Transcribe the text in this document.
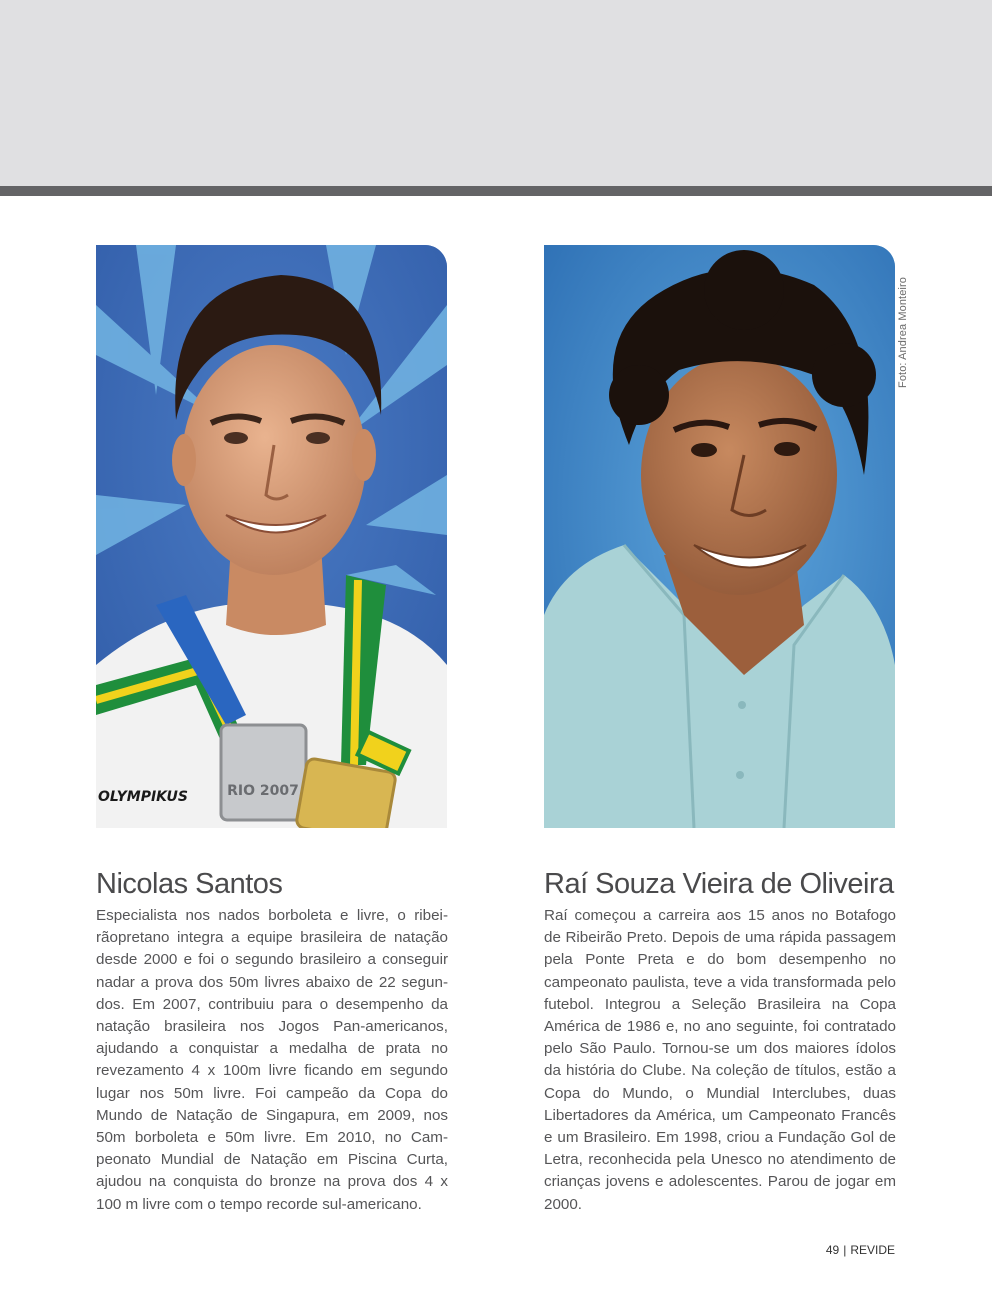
RIO 2007
OLYMPIKUS
Foto: Andrea Monteiro
Nicolas Santos

Especialista nos nados borboleta e livre, o ribeirãopretano integra a equipe brasileira de natação desde 2000 e foi o segundo brasileiro a conseguir nadar a prova dos 50m livres abaixo de 22 segundos. Em 2007, contribuiu para o desempenho da natação brasileira nos Jogos Pan-americanos, ajudando a conquistar a medalha de prata no revezamento 4 x 100m livre ficando em segundo lugar nos 50m livre. Foi campeão da Copa do Mundo de Natação de Singapura, em 2009, nos 50m borboleta e 50m livre. Em 2010, no Campeonato Mundial de Natação em Piscina Curta, ajudou na conquista do bronze na prova dos 4 x 100 m livre com o tempo recorde sul-americano.

Raí Souza Vieira de Oliveira

Raí começou a carreira aos 15 anos no Botafogo de Ribeirão Preto. Depois de uma rápida passagem pela Ponte Preta e do bom desempenho no campeonato paulista, teve a vida transformada pelo futebol. Integrou a Seleção Brasileira na Copa América de 1986 e, no ano seguinte, foi contratado pelo São Paulo. Tornou-se um dos maiores ídolos da história do Clube. Na coleção de títulos, estão a Copa do Mundo, o Mundial Interclubes, duas Libertadores da América, um Campeonato Francês e um Brasileiro. Em 1998, criou a Fundação Gol de Letra, reconhecida pela Unesco no atendimento de crianças jovens e adolescentes. Parou de jogar em 2000.

49 | REVIDE
